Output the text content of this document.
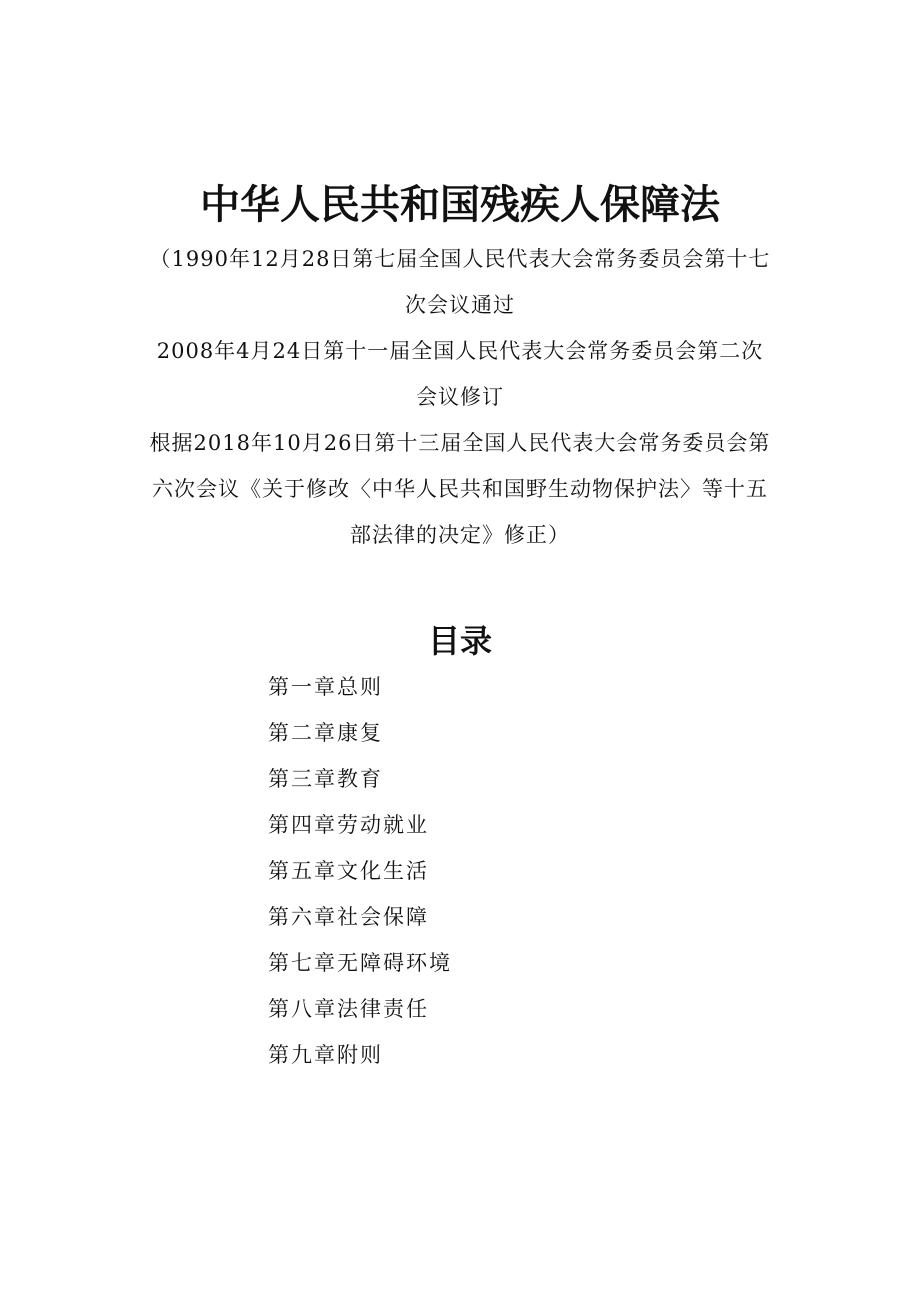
中华人民共和国残疾人保障法
（1990年12月28日第七届全国人民代表大会常务委员会第十七
次会议通过
2008年4月24日第十一届全国人民代表大会常务委员会第二次
会议修订
根据2018年10月26日第十三届全国人民代表大会常务委员会第
六次会议《关于修改〈中华人民共和国野生动物保护法〉等十五
部法律的决定》修正）
目录
第一章总则
第二章康复
第三章教育
第四章劳动就业
第五章文化生活
第六章社会保障
第七章无障碍环境
第八章法律责任
第九章附则
